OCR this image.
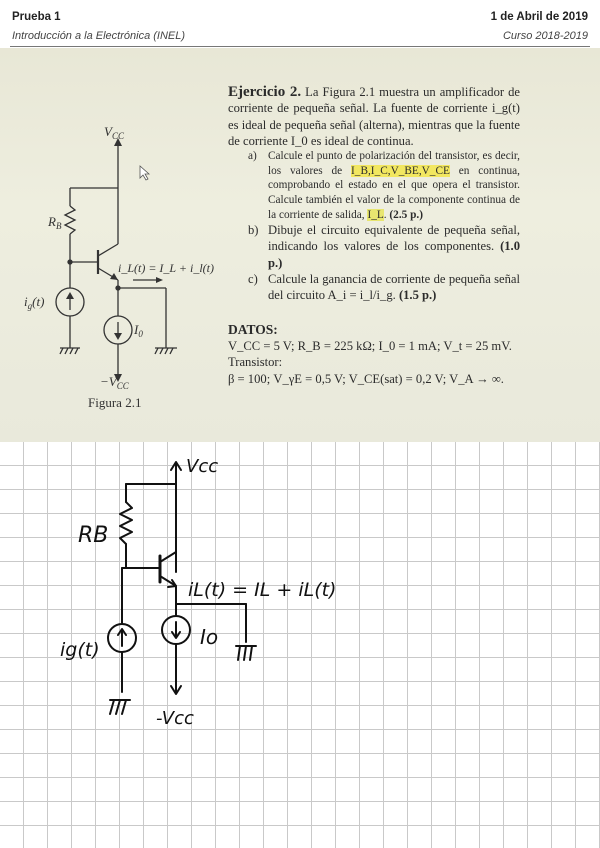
Prueba 1	1 de Abril de 2019
Introducción a la Electrónica (INEL)	Curso 2018-2019
$V_{CC}$
$R_B$
$i_g(t)$
i_L(t) = I_L + i_l(t)
$I_0$
$-V_{CC}$
Figura 2.1

Ejercicio 2. La Figura 2.1 muestra un amplificador de corriente de pequeña señal. La fuente de corriente i_g(t) es ideal de pequeña señal (alterna), mientras que la fuente de corriente I_0 es ideal de continua.

a) Calcule el punto de polarización del transistor, es decir, los valores de I_B,I_C,V_BE,V_CE en continua, comprobando el estado en el que opera el transistor. Calcule también el valor de la componente continua de la corriente de salida, I_L. (2.5 p.)
b) Dibuje el circuito equivalente de pequeña señal, indicando los valores de los componentes. (1.0 p.)
c) Calcule la ganancia de corriente de pequeña señal del circuito A_i = i_l/i_g. (1.5 p.)
DATOS:
V_CC = 5 V; R_B = 225 kΩ; I_0 = 1 mA; V_t = 25 mV.
Transistor:
β = 100; V_γE = 0,5 V; V_CE(sat) = 0,2 V; V_A → ∞.
Vcc
RB
iL(t) = IL + iL(t)
ig(t)
Io
-Vcc
